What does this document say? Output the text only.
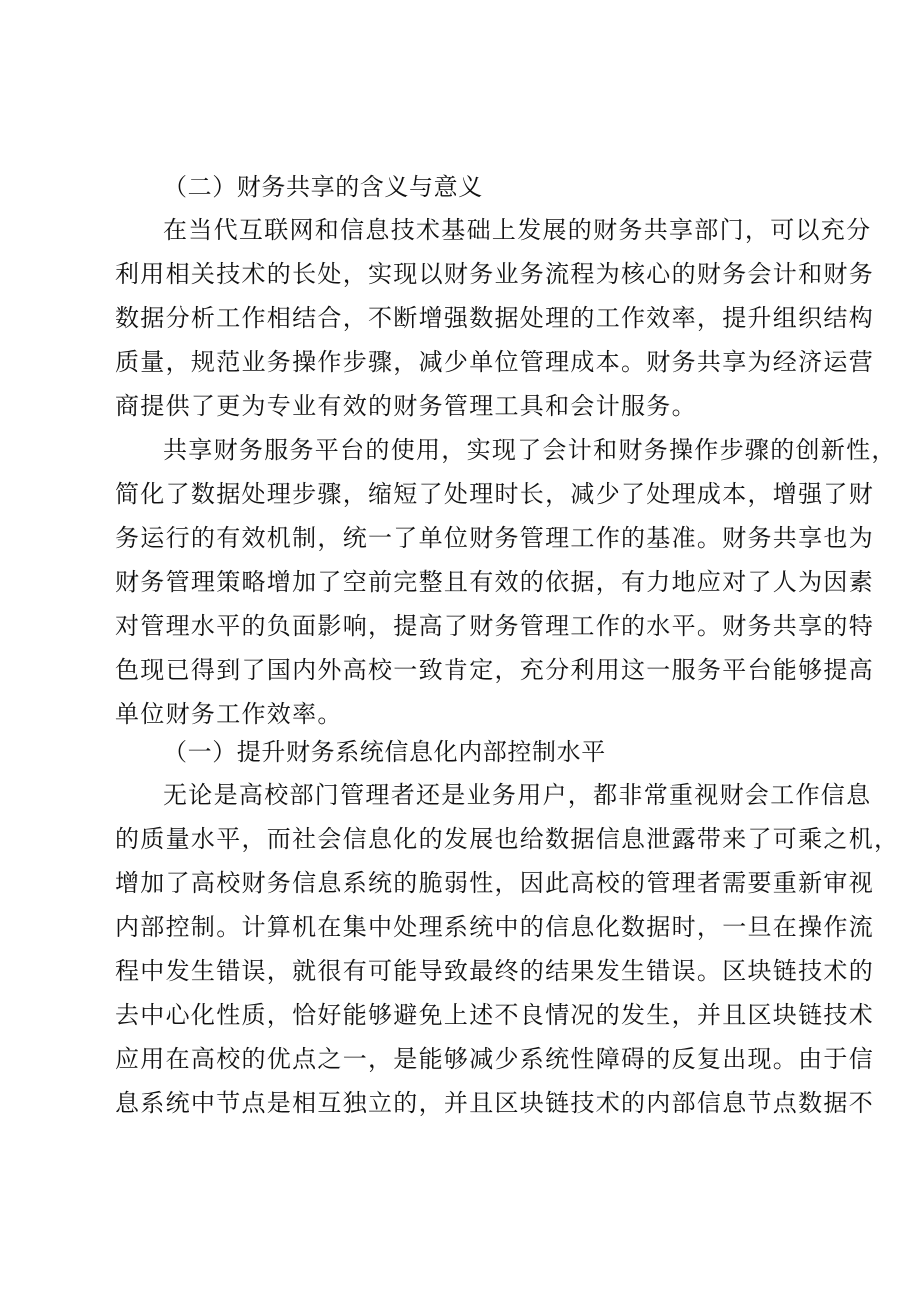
（二）财务共享的含义与意义
在当代互联网和信息技术基础上发展的财务共享部门，可以充分
利用相关技术的长处，实现以财务业务流程为核心的财务会计和财务
数据分析工作相结合，不断增强数据处理的工作效率，提升组织结构
质量，规范业务操作步骤，减少单位管理成本。财务共享为经济运营
商提供了更为专业有效的财务管理工具和会计服务。
共享财务服务平台的使用，实现了会计和财务操作步骤的创新性，
简化了数据处理步骤，缩短了处理时长，减少了处理成本，增强了财
务运行的有效机制，统一了单位财务管理工作的基准。财务共享也为
财务管理策略增加了空前完整且有效的依据，有力地应对了人为因素
对管理水平的负面影响，提高了财务管理工作的水平。财务共享的特
色现已得到了国内外高校一致肯定，充分利用这一服务平台能够提高
单位财务工作效率。
（一）提升财务系统信息化内部控制水平
无论是高校部门管理者还是业务用户，都非常重视财会工作信息
的质量水平，而社会信息化的发展也给数据信息泄露带来了可乘之机，
增加了高校财务信息系统的脆弱性，因此高校的管理者需要重新审视
内部控制。计算机在集中处理系统中的信息化数据时，一旦在操作流
程中发生错误，就很有可能导致最终的结果发生错误。区块链技术的
去中心化性质，恰好能够避免上述不良情况的发生，并且区块链技术
应用在高校的优点之一，是能够减少系统性障碍的反复出现。由于信
息系统中节点是相互独立的，并且区块链技术的内部信息节点数据不
